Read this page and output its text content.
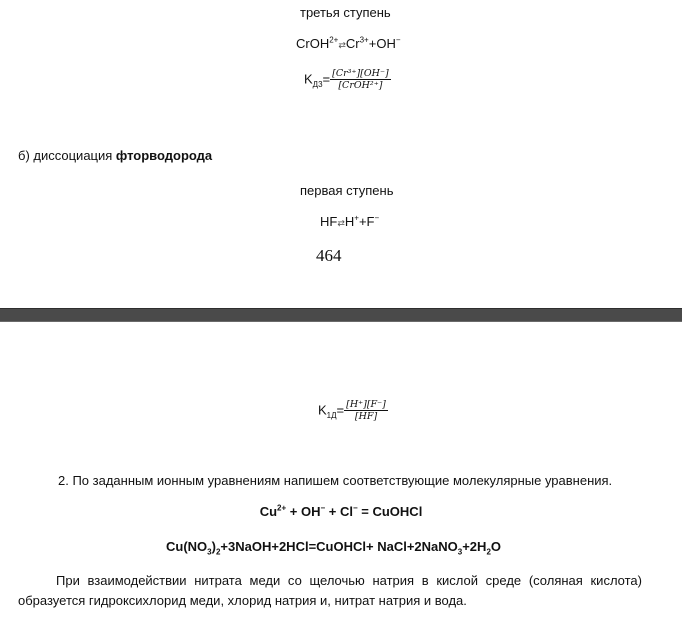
третья ступень
$CrOH^{2+}⇄Cr^{3+}+OH^-$
$K_{Д3}= \frac{\text{[Cr³⁺][OH⁻]}}{\text{[CrOH²⁺]}}$
б) диссоциация фторводорода
первая ступень
HF⇄H++F−
464
$K_{1Д}= \frac{[H^+][F^-]}{[HF]}$
2. По заданным ионным уравнениям напишем соответствующие молекулярные уравнения.
$Cu^{2+} + OH^- + Cl^-$ = CuOHCl
$Cu(NO_3)_2+3NaOH+2HCl=CuOHCl+$ $NaCl+2NaNO_3+2H_2O$
При взаимодействии нитрата меди со щелочью натрия в кислой среде (соляная кислота) образуется гидроксихлорид меди, хлорид натрия и, нитрат натрия и вода.
